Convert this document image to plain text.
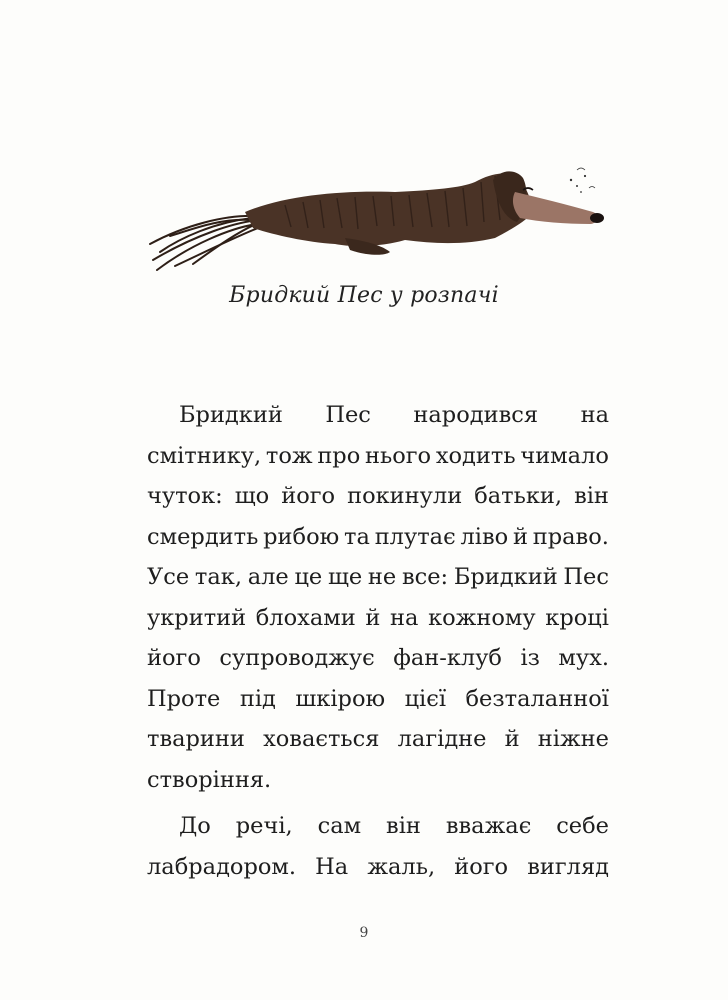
Бридкий Пес у розпачі
Бридкий Пес народився на
смітнику, тож про нього ходить чимало
чуток: що його покинули батьки, він
смердить рибою та плутає ліво й право.
Усе так, але це ще не все: Бридкий Пес
укритий блохами й на кожному кроці
його супроводжує фан-клуб із мух.
Проте під шкірою цієї безталанної
тварини ховається лагідне й ніжне
створіння.
До речі, сам він вважає себе
лабрадором. На жаль, його вигляд
9
